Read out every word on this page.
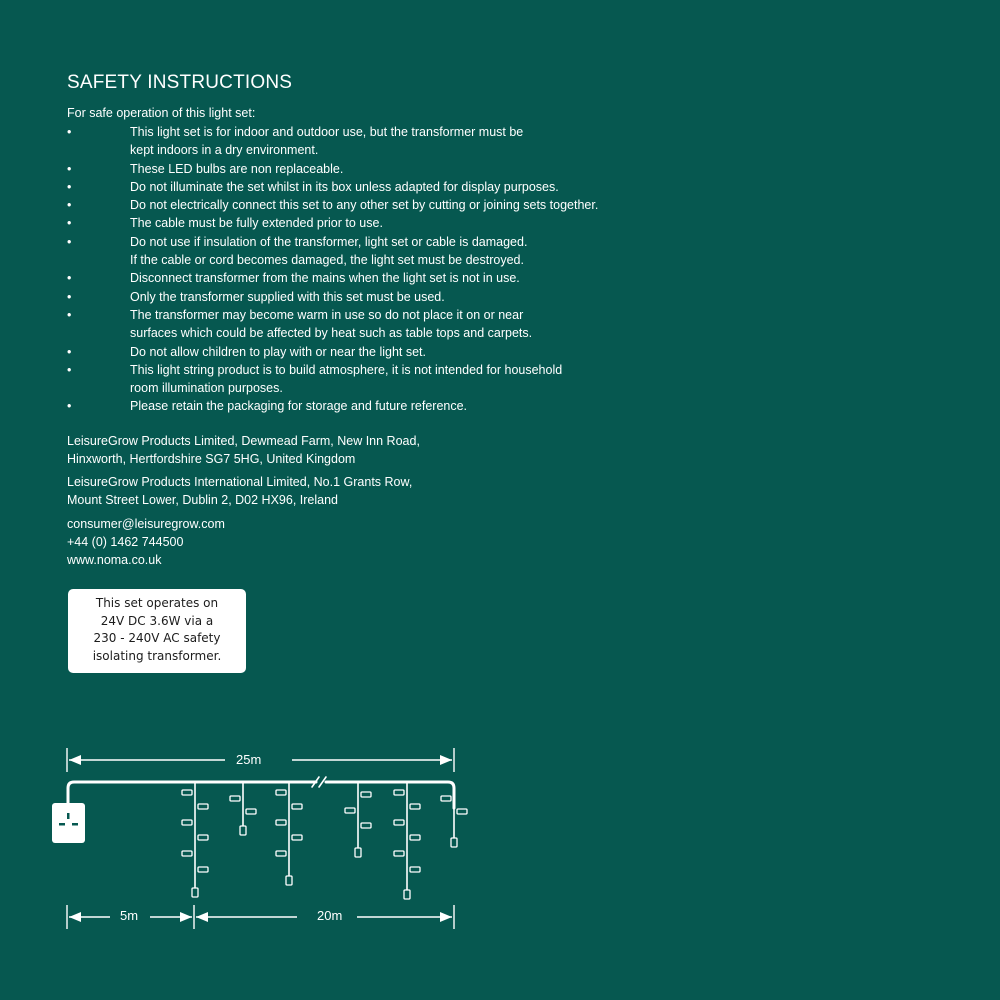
SAFETY INSTRUCTIONS
For safe operation of this light set:
• This light set is for indoor and outdoor use, but the transformer must be
kept indoors in a dry environment.
• These LED bulbs are non replaceable.
• Do not illuminate the set whilst in its box unless adapted for display purposes.
• Do not electrically connect this set to any other set by cutting or joining sets together.
• The cable must be fully extended prior to use.
• Do not use if insulation of the transformer, light set or cable is damaged.
If the cable or cord becomes damaged, the light set must be destroyed.
• Disconnect transformer from the mains when the light set is not in use.
• Only the transformer supplied with this set must be used.
• The transformer may become warm in use so do not place it on or near
surfaces which could be affected by heat such as table tops and carpets.
• Do not allow children to play with or near the light set.
• This light string product is to build atmosphere, it is not intended for household
room illumination purposes.
• Please retain the packaging for storage and future reference.
LeisureGrow Products Limited, Dewmead Farm, New Inn Road,
Hinxworth, Hertfordshire SG7 5HG, United Kingdom
LeisureGrow Products International Limited, No.1 Grants Row,
Mount Street Lower, Dublin 2, D02 HX96, Ireland
consumer@leisuregrow.com
+44 (0) 1462 744500
www.noma.co.uk
This set operates on
24V DC 3.6W via a
230 - 240V AC safety
isolating transformer.
25m
5m	20m
